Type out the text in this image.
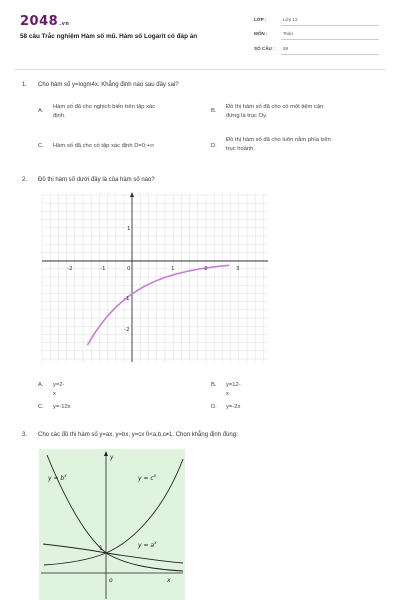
2048.vn
58 câu Trắc nghiệm Hàm số mũ. Hàm số Logarit có đáp án
LỚP :	Lớp 12
MÔN :	Toán
SỐ CÂU : 58
1. Cho hàm số y=logm4x. Khẳng định nào sau đây sai?
A.
Hàm số đã cho nghịch biến trên tập xác
định.
B.
Đồ thị hàm số đã cho có một tiệm cận
đứng là trục Oy.
C. Hàm số đã cho có tập xác định D=0;+∞	D.
Đồ thị hàm số đã cho luôn nằm phía trên
trục hoành.
2. Đồ thị hàm số dưới đây là của hàm số nào?
-2	-1	0	1	2	3
1
-1
-2
A. y=2-x
B. y=12-x
C. y=-12x	D. y=-2x
3. Cho các đồ thị hàm số y=ax, y=bx, y=cx 0<a,b,c≠1. Chọn khẳng định đúng:
y
x
o
1
$y = b^x$	$y = c^x$
$y = a^x$
